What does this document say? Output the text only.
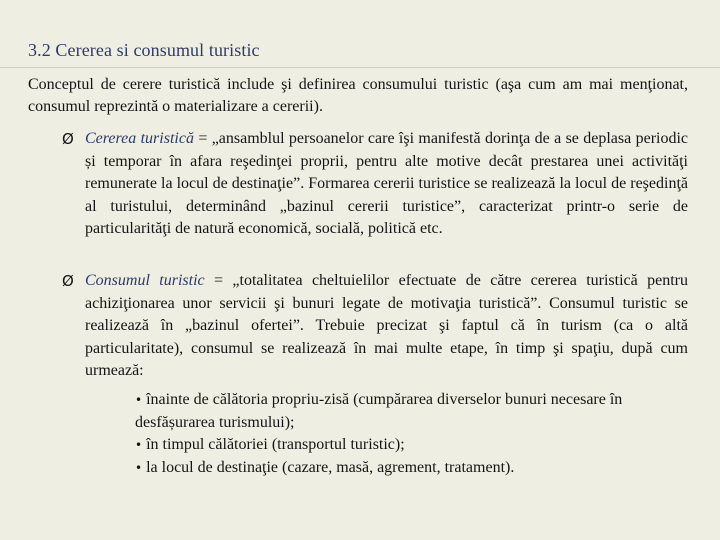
3.2 Cererea si consumul turistic
Conceptul de cerere turistică include şi definirea consumului turistic (aşa cum am mai menţionat, consumul reprezintă o materializare a cererii).
Ø Cererea turistică = „ansamblul persoanelor care îşi manifestă dorinţa de a se deplasa periodic și temporar în afara reşedinţei proprii, pentru alte motive decât prestarea unei activităţi remunerate la locul de destinaţie”. Formarea cererii turistice se realizează la locul de reşedinţă al turistului, determinând „bazinul cererii turistice”, caracterizat printr-o serie de particularităţi de natură economică, socială, politică etc.
Ø Consumul turistic = „totalitatea cheltuielilor efectuate de către cererea turistică pentru achiziţionarea unor servicii şi bunuri legate de motivaţia turistică”. Consumul turistic se realizează în „bazinul ofertei”. Trebuie precizat şi faptul că în turism (ca o altă particularitate), consumul se realizează în mai multe etape, în timp şi spaţiu, după cum urmează:

• înainte de călătoria propriu-zisă (cumpărarea diverselor bunuri necesare în desfășurarea turismului);

• în timpul călătoriei (transportul turistic);

• la locul de destinaţie (cazare, masă, agrement, tratament).
